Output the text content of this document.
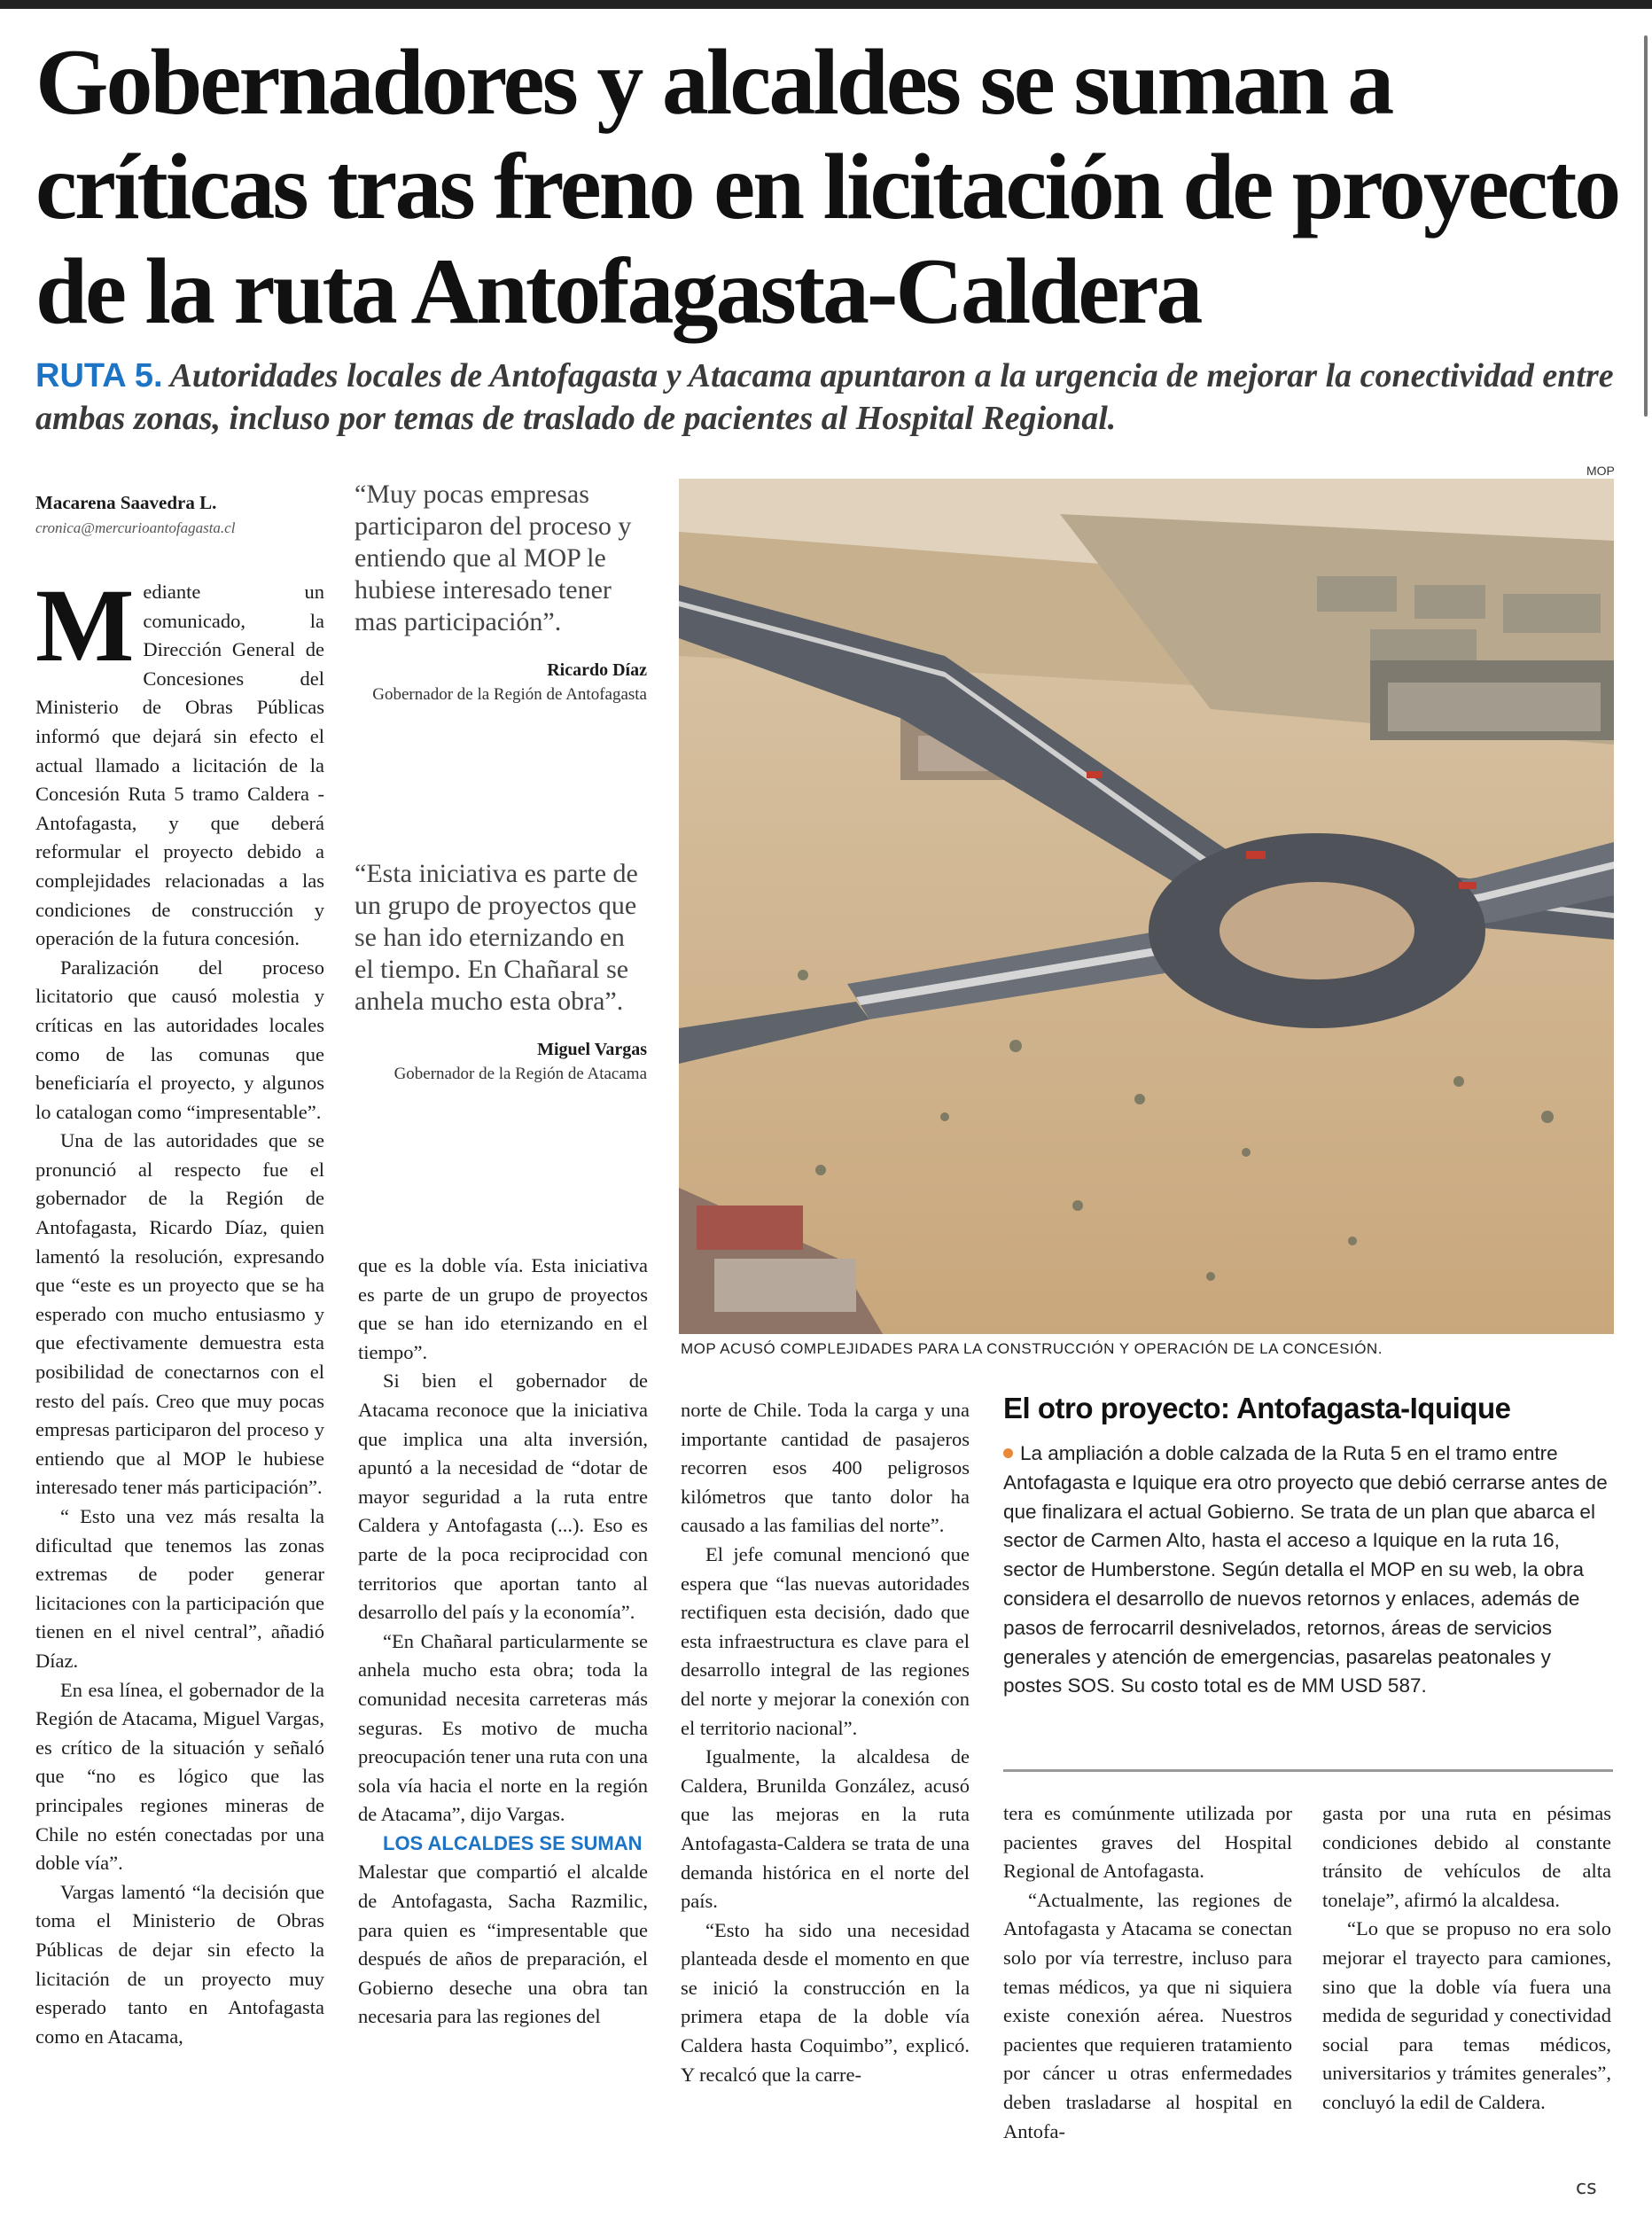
Gobernadores y alcaldes se suman a críticas tras freno en licitación de proyecto de la ruta Antofagasta-Caldera
RUTA 5. Autoridades locales de Antofagasta y Atacama apuntaron a la urgencia de mejorar la conectividad entre ambas zonas, incluso por temas de traslado de pacientes al Hospital Regional.
Macarena Saavedra L.
cronica@mercurioantofagasta.cl
M ediante un comunicado, la Dirección General de Concesiones del Ministerio de Obras Públicas informó que dejará sin efecto el actual llamado a licitación de la Concesión Ruta 5 tramo Caldera -Antofagasta, y que deberá reformular el proyecto debido a complejidades relacionadas a las condiciones de construcción y operación de la futura concesión.

Paralización del proceso licitatorio que causó molestia y críticas en las autoridades locales como de las comunas que beneficiaría el proyecto, y algunos lo catalogan como “impresentable”.

Una de las autoridades que se pronunció al respecto fue el gobernador de la Región de Antofagasta, Ricardo Díaz, quien lamentó la resolución, expresando que “este es un proyecto que se ha esperado con mucho entusiasmo y que efectivamente demuestra esta posibilidad de conectarnos con el resto del país. Creo que muy pocas empresas participaron del proceso y entiendo que al MOP le hubiese interesado tener más participación”.

“ Esto una vez más resalta la dificultad que tenemos las zonas extremas de poder generar licitaciones con la participación que tienen en el nivel central”, añadió Díaz.

En esa línea, el gobernador de la Región de Atacama, Miguel Vargas, es crítico de la situación y señaló que “no es lógico que las principales regiones mineras de Chile no estén conectadas por una doble vía”.

Vargas lamentó “la decisión que toma el Ministerio de Obras Públicas de dejar sin efecto la licitación de un proyecto muy esperado tanto en Antofagasta como en Atacama,

“Muy pocas empresas participaron del proceso y entiendo que al MOP le hubiese interesado tener mas participación”.
Ricardo Díaz
Gobernador de la Región de Antofagasta
“Esta iniciativa es parte de un grupo de proyectos que se han ido eternizando en el tiempo. En Chañaral se anhela mucho esta obra”.
Miguel Vargas
Gobernador de la Región de Atacama

que es la doble vía. Esta iniciativa es parte de un grupo de proyectos que se han ido eternizando en el tiempo”.

Si bien el gobernador de Atacama reconoce que la iniciativa que implica una alta inversión, apuntó a la necesidad de “dotar de mayor seguridad a la ruta entre Caldera y Antofagasta (...). Eso es parte de la poca reciprocidad con territorios que aportan tanto al desarrollo del país y la economía”.

“En Chañaral particularmente se anhela mucho esta obra; toda la comunidad necesita carreteras más seguras. Es motivo de mucha preocupación tener una ruta con una sola vía hacia el norte en la región de Atacama”, dijo Vargas.

LOS ALCALDES SE SUMAN

Malestar que compartió el alcalde de Antofagasta, Sacha Razmilic, para quien es “impresentable que después de años de preparación, el Gobierno deseche una obra tan necesaria para las regiones del

MOP
MOP ACUSÓ COMPLEJIDADES PARA LA CONSTRUCCIÓN Y OPERACIÓN DE LA CONCESIÓN.
El otro proyecto: Antofagasta-Iquique
La ampliación a doble calzada de la Ruta 5 en el tramo entre Antofagasta e Iquique era otro proyecto que debió cerrarse antes de que finalizara el actual Gobierno. Se trata de un plan que abarca el sector de Carmen Alto, hasta el acceso a Iquique en la ruta 16, sector de Humberstone. Según detalla el MOP en su web, la obra considera el desarrollo de nuevos retornos y enlaces, además de pasos de ferrocarril desnivelados, retornos, áreas de servicios generales y atención de emergencias, pasarelas peatonales y postes SOS. Su costo total es de MM USD 587.

norte de Chile. Toda la carga y una importante cantidad de pasajeros recorren esos 400 peligrosos kilómetros que tanto dolor ha causado a las familias del norte”.

El jefe comunal mencionó que espera que “las nuevas autoridades rectifiquen esta decisión, dado que esta infraestructura es clave para el desarrollo integral de las regiones del norte y mejorar la conexión con el territorio nacional”.

Igualmente, la alcaldesa de Caldera, Brunilda González, acusó que las mejoras en la ruta Antofagasta-Caldera se trata de una demanda histórica en el norte del país.

“Esto ha sido una necesidad planteada desde el momento en que se inició la construcción en la primera etapa de la doble vía Caldera hasta Coquimbo”, explicó. Y recalcó que la carre-

tera es comúnmente utilizada por pacientes graves del Hospital Regional de Antofagasta.

“Actualmente, las regiones de Antofagasta y Atacama se conectan solo por vía terrestre, incluso para temas médicos, ya que ni siquiera existe conexión aérea. Nuestros pacientes que requieren tratamiento por cáncer u otras enfermedades deben trasladarse al hospital en Antofa-

gasta por una ruta en pésimas condiciones debido al constante tránsito de vehículos de alta tonelaje”, afirmó la alcaldesa.

“Lo que se propuso no era solo mejorar el trayecto para camiones, sino que la doble vía fuera una medida de seguridad y conectividad social para temas médicos, universitarios y trámites generales”, concluyó la edil de Caldera.

cs
